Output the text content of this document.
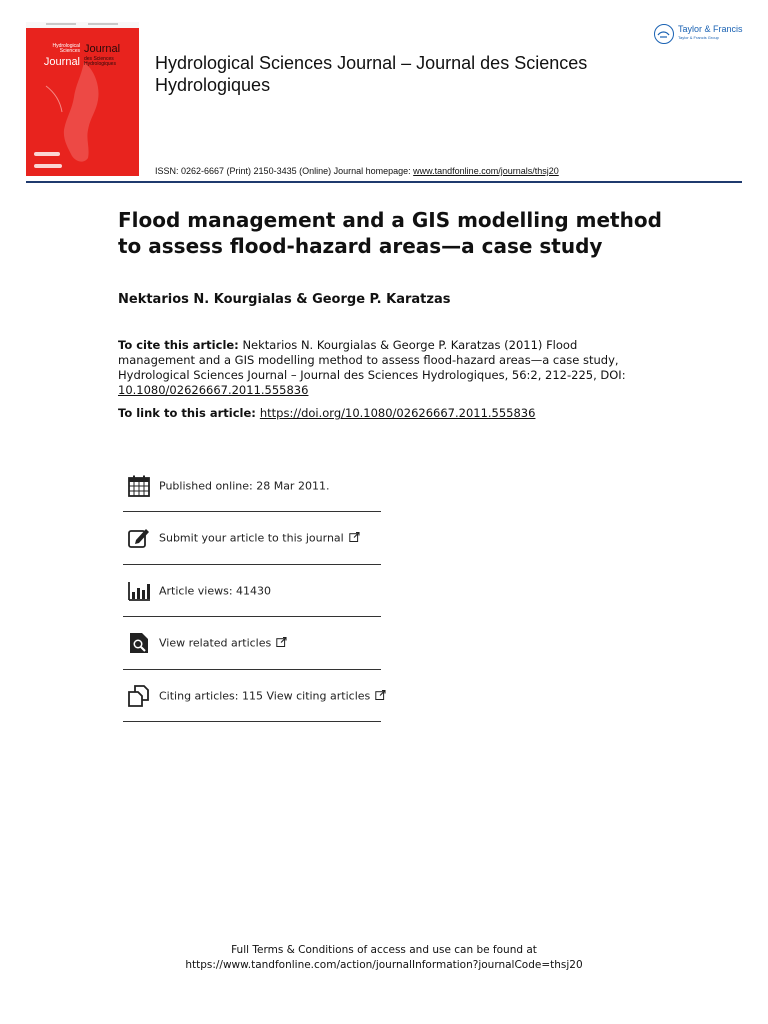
Hydrological Sciences
Journal
Journal
des Sciences Hydrologiques	Hydrological Sciences Journal – Journal des Sciences Hydrologiques
ISSN: 0262-6667 (Print) 2150-3435 (Online) Journal homepage: www.tandfonline.com/journals/thsj20
Taylor & Francis
Taylor & Francis Group
Flood management and a GIS modelling method to assess flood-hazard areas—a case study
Nektarios N. Kourgialas & George P. Karatzas

To cite this article: Nektarios N. Kourgialas & George P. Karatzas (2011) Flood management and a GIS modelling method to assess flood-hazard areas—a case study, Hydrological Sciences Journal – Journal des Sciences Hydrologiques, 56:2, 212-225, DOI: 10.1080/02626667.2011.555836

To link to this article: https://doi.org/10.1080/02626667.2011.555836

Published online: 28 Mar 2011.
Submit your article to this journal
Article views: 41430
View related articles
Citing articles: 115 View citing articles
Full Terms & Conditions of access and use can be found at
https://www.tandfonline.com/action/journalInformation?journalCode=thsj20
